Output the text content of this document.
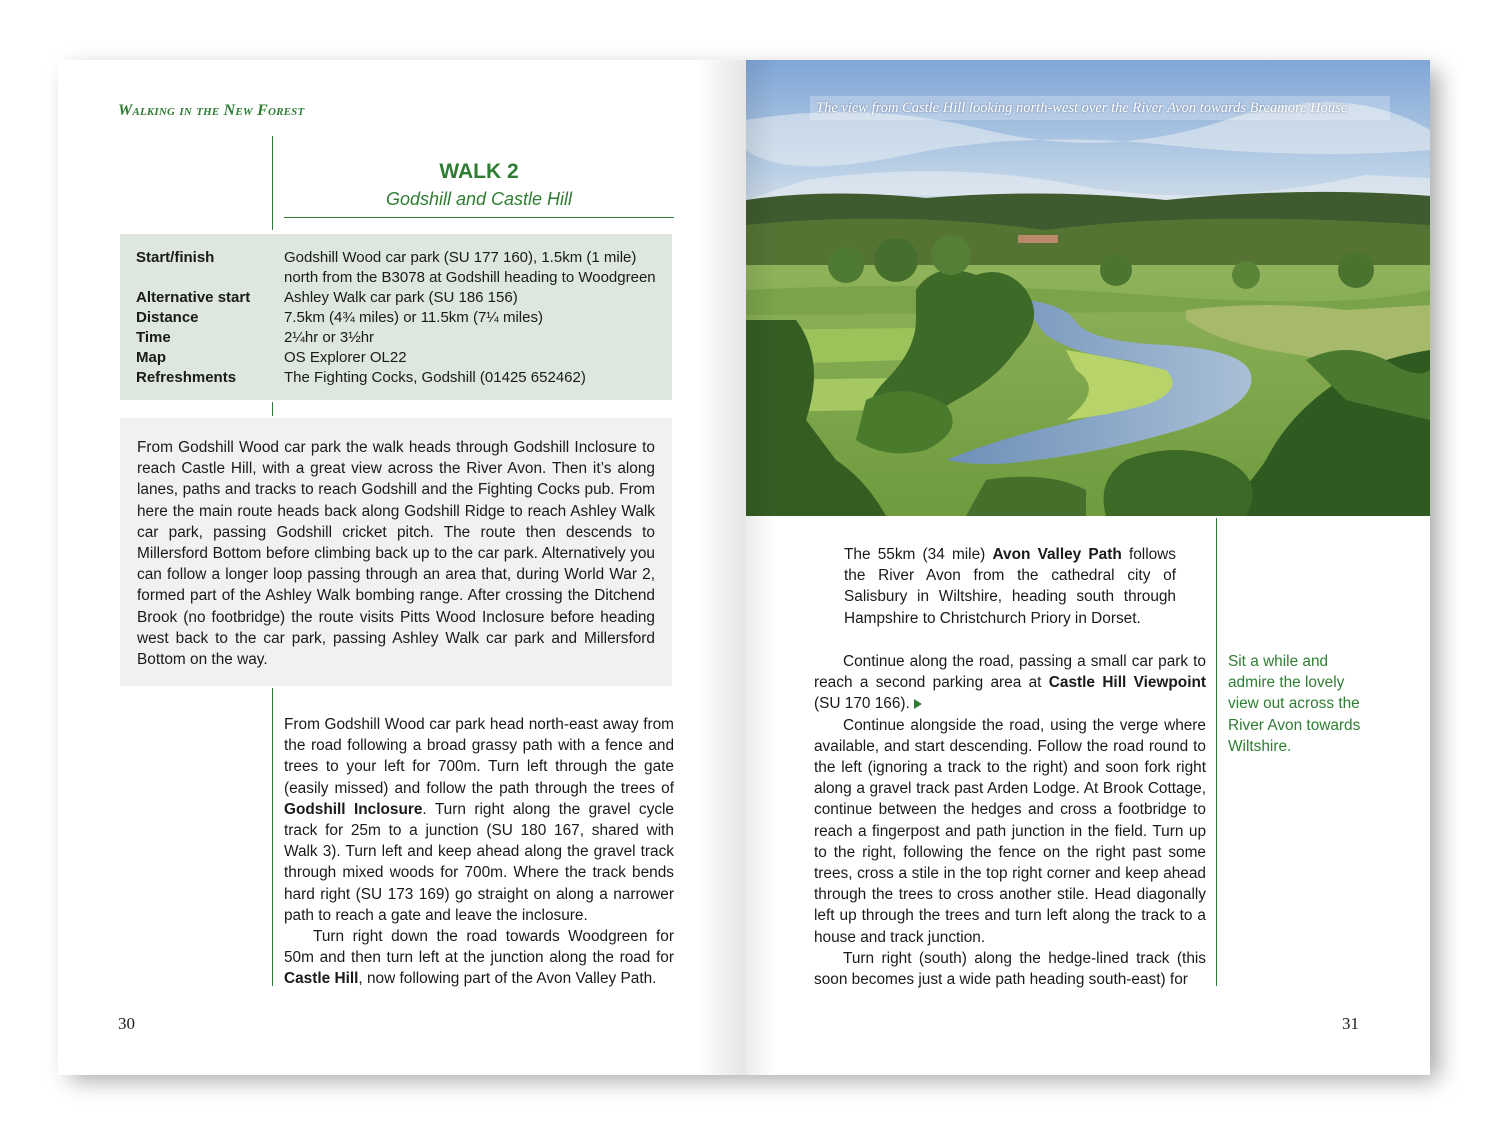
Walking in the New Forest
WALK 2
Godshill and Castle Hill
Start/finish	Godshill Wood car park (SU 177 160), 1.5km (1 mile) north from the B3078 at Godshill heading to Woodgreen
Alternative start	Ashley Walk car park (SU 186 156)
Distance	7.5km (4¾ miles) or 11.5km (7¼ miles)
Time	2¼hr or 3½hr
Map	OS Explorer OL22
Refreshments	The Fighting Cocks, Godshill (01425 652462)
From Godshill Wood car park the walk heads through Godshill Inclosure to reach Castle Hill, with a great view across the River Avon. Then it’s along lanes, paths and tracks to reach Godshill and the Fighting Cocks pub. From here the main route heads back along Godshill Ridge to reach Ashley Walk car park, passing Godshill cricket pitch. The route then descends to Millersford Bottom before climbing back up to the car park. Alternatively you can follow a longer loop passing through an area that, during World War 2, formed part of the Ashley Walk bombing range. After crossing the Ditchend Brook (no footbridge) the route visits Pitts Wood Inclosure before heading west back to the car park, passing Ashley Walk car park and Millersford Bottom on the way.

From Godshill Wood car park head north-east away from the road following a broad grassy path with a fence and trees to your left for 700m. Turn left through the gate (easily missed) and follow the path through the trees of Godshill Inclosure. Turn right along the gravel cycle track for 25m to a junction (SU 180 167, shared with Walk 3). Turn left and keep ahead along the gravel track through mixed woods for 700m. Where the track bends hard right (SU 173 169) go straight on along a narrower path to reach a gate and leave the inclosure.

Turn right down the road towards Woodgreen for 50m and then turn left at the junction along the road for Castle Hill, now following part of the Avon Valley Path.

30
The view from Castle Hill looking north-west over the River Avon towards Breamore House
The 55km (34 mile) Avon Valley Path follows the River Avon from the cathedral city of Salisbury in Wiltshire, heading south through Hampshire to Christchurch Priory in Dorset.

Continue along the road, passing a small car park to reach a second parking area at Castle Hill Viewpoint (SU 170 166).

Continue alongside the road, using the verge where available, and start descending. Follow the road round to the left (ignoring a track to the right) and soon fork right along a gravel track past Arden Lodge. At Brook Cottage, continue between the hedges and cross a footbridge to reach a fingerpost and path junction in the field. Turn up to the right, following the fence on the right past some trees, cross a stile in the top right corner and keep ahead through the trees to cross another stile. Head diagonally left up through the trees and turn left along the track to a house and track junction.

Turn right (south) along the hedge-lined track (this soon becomes just a wide path heading south-east) for

Sit a while and admire the lovely view out across the River Avon towards Wiltshire.
31
